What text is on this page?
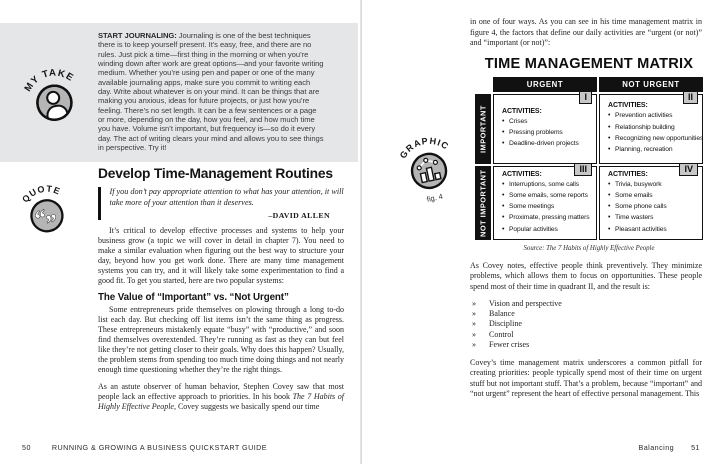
START JOURNALING: Journaling is one of the best techniques there is to keep yourself present. It’s easy, free, and there are no rules. Just pick a time—first thing in the morning or when you’re winding down after work are great options—and your favorite writing medium. Whether you’re using pen and paper or one of the many available journaling apps, make sure you commit to writing each day. Write about whatever is on your mind. It can be things that are making you anxious, ideas for future projects, or just how you’re feeling. There’s no set length. It can be a few sentences or a page or more, depending on the day, how you feel, and how much time you have. Volume isn’t important, but frequency is—so do it every day. The act of writing clears your mind and allows you to see things in perspective. Try it!
MY TAKE
QUOTE
“
”
Develop Time-Management Routines
If you don’t pay appropriate attention to what has your attention, it will take more of your attention than it deserves.
–DAVID ALLEN

It’s critical to develop effective processes and systems to help your business grow (a topic we will cover in detail in chapter 7). You need to make a similar evaluation when figuring out the best way to structure your day, beyond how you get work done. There are many time management systems you can try, and it will likely take some experimentation to find a good fit. To get you started, here are two popular systems:

The Value of “Important” vs. “Not Urgent”

Some entrepreneurs pride themselves on plowing through a long to-do list each day. But checking off list items isn’t the same thing as progress. These entrepreneurs mistakenly equate “busy” with “productive,” and soon find themselves overextended. They’re running as fast as they can but feel like they’re not getting closer to their goals. Why does this happen? Usually, the problem stems from spending too much time doing things and not nearly enough time questioning whether they’re the right things.

As an astute observer of human behavior, Stephen Covey saw that most people lack an effective approach to priorities. In his book The 7 Habits of Highly Effective People, Covey suggests we basically spend our time

50	RUNNING & GROWING A BUSINESS QUICKSTART GUIDE
GRAPHIC
fig. 4

in one of four ways. As you can see in his time management matrix in figure 4, the factors that define our daily activities are “urgent (or not)” and “important (or not)”:

TIME MANAGEMENT MATRIX
URGENT	NOT URGENT
IMPORTANT
I
ACTIVITIES:
• Crises
• Pressing problems
• Deadline-driven projects
II
ACTIVITIES:
• Prevention activities
• Relationship building
• Recognizing new opportunities
• Planning, recreation
NOT IMPORTANT
III
ACTIVITIES:
• Interruptions, some calls
• Some emails, some reports
• Some meetings
• Proximate, pressing matters
• Popular activities
IV
ACTIVITIES:
• Trivia, busywork
• Some emails
• Some phone calls
• Time wasters
• Pleasant activities
Source: The 7 Habits of Highly Effective People

As Covey notes, effective people think preventively. They minimize problems, which allows them to focus on opportunities. These people spend most of their time in quadrant II, and the result is:

» Vision and perspective
» Balance
» Discipline
» Control
» Fewer crises

Covey’s time management matrix underscores a common pitfall for creating priorities: people typically spend most of their time on urgent stuff but not important stuff. That’s a problem, because “important” and “not urgent” represent the heart of effective personal management. This

Balancing 51
